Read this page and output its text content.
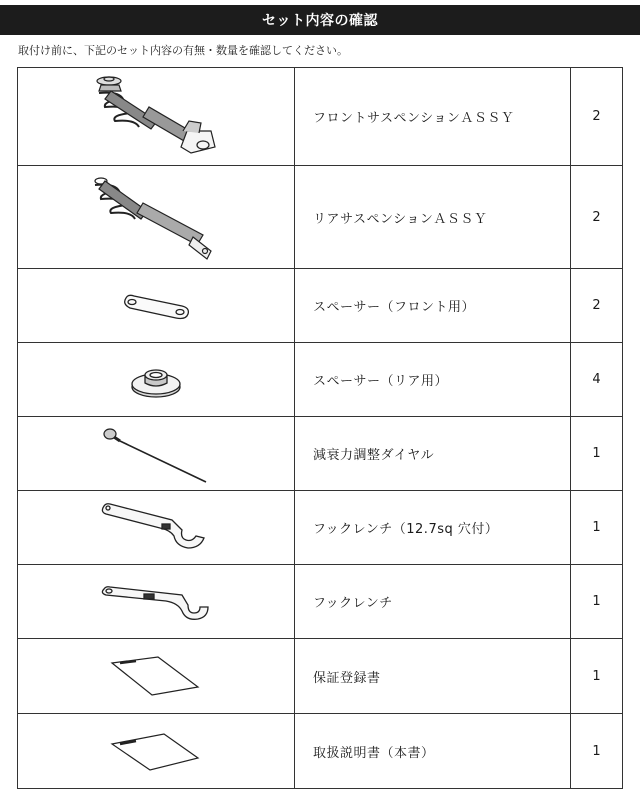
セット内容の確認
取付け前に、下記のセット内容の有無・数量を確認してください。
	フロントサスペンションＡＳＳＹ	2

	リアサスペンションＡＳＳＹ	2

	スペーサー（フロント用）	2

	スペーサー（リア用）	4

	減衰力調整ダイヤル	1

	フックレンチ（12.7sq 穴付）	1

	フックレンチ	1

	保証登録書	1

	取扱説明書（本書）	1
